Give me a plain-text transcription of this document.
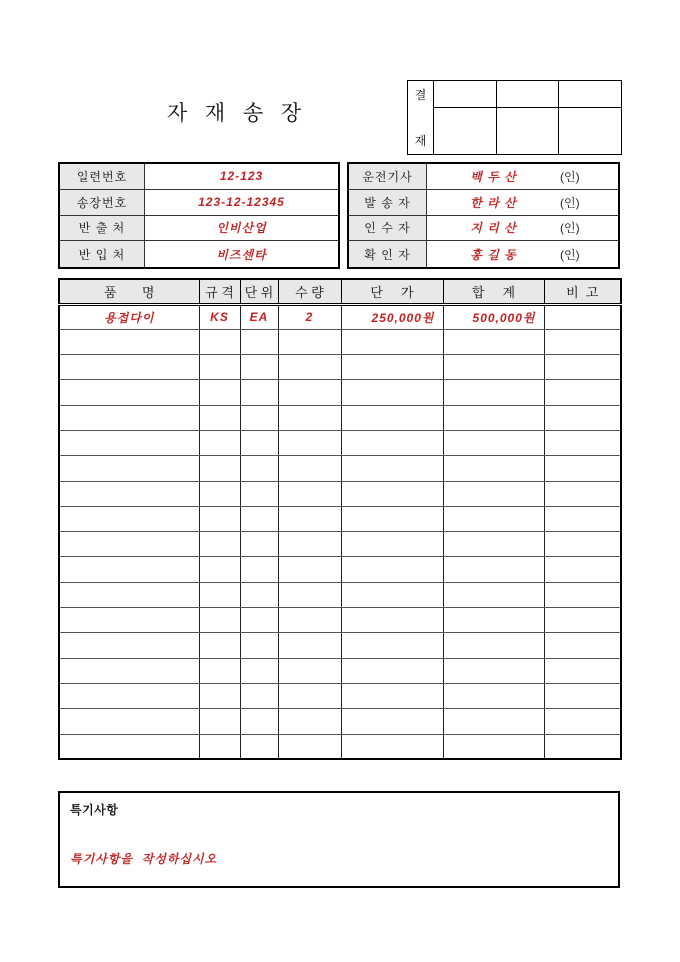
자  재  송  장
결
재
일련번호	12-123
송장번호	123-12-12345
반 출 처	인비산업
반 입 처	비즈센타
운전기사	백 두 산	(인)
발 송 자	한 라 산	(인)
인 수 자	지 리 산	(인)
확 인 자	홍 길 동	(인)
품       명	규 격	단 위	수 량	단     가	합     계	비  고
용접다이	KS	EA	2	250,000원	500,000원	

특기사항
특기사항을  작성하십시오
